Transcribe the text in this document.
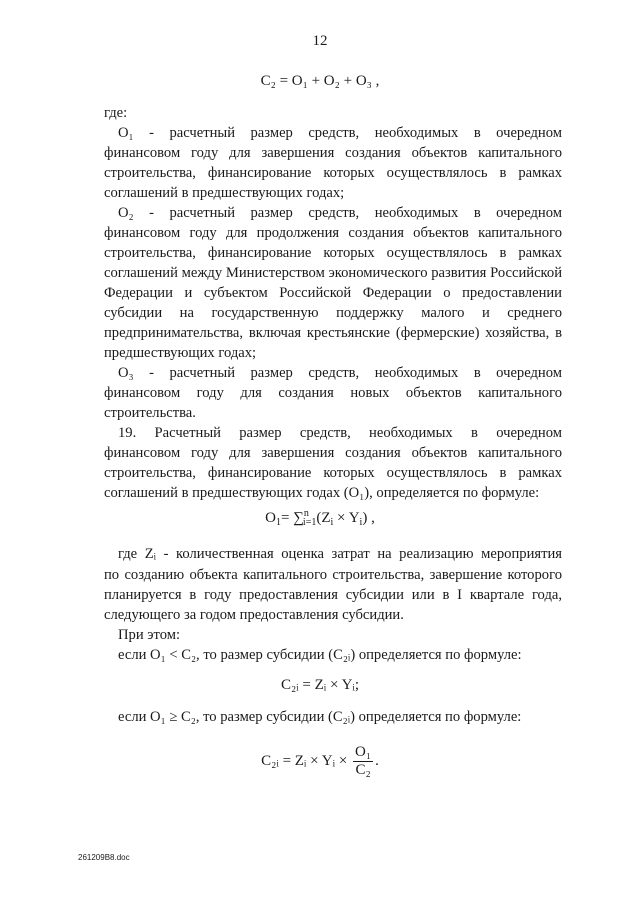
12
C₂ = O₁ + O₂ + O₃ ,
где:
O₁ - расчетный размер средств, необходимых в очередном
финансовом году для завершения создания объектов капитального
строительства, финансирование которых осуществлялось в рамках
соглашений в предшествующих годах;
O₂ - расчетный размер средств, необходимых в очередном
финансовом году для продолжения создания объектов капитального
строительства, финансирование которых осуществлялось в рамках
соглашений между Министерством экономического развития Российской
Федерации и субъектом Российской Федерации о предоставлении
субсидии на государственную поддержку малого и среднего
предпринимательства, включая крестьянские (фермерские) хозяйства, в
предшествующих годах;
O₃ - расчетный размер средств, необходимых в очередном
финансовом году для создания новых объектов капитального
строительства.
19. Расчетный размер средств, необходимых в очередном
финансовом году для завершения создания объектов капитального
строительства, финансирование которых осуществлялось в рамках
соглашений в предшествующих годах (O₁), определяется по формуле:
$O_1= \sum^n_{i=1}(Z_i \times Y_i)$ ,
где Zᵢ - количественная оценка затрат на реализацию мероприятия
по созданию объекта капитального строительства, завершение которого
планируется в году предоставления субсидии или в I квартале года,
следующего за годом предоставления субсидии.
При этом:
если O₁ < C₂, то размер субсидии (C₂ᵢ) определяется по формуле:
C₂ᵢ = Zᵢ × Yᵢ;
если O₁ ≥ C₂, то размер субсидии (C₂ᵢ) определяется по формуле:
C₂ᵢ = Zᵢ × Yᵢ × $\frac{\text{O₁}}{\text{C₂}}$ .
261209B8.doc
